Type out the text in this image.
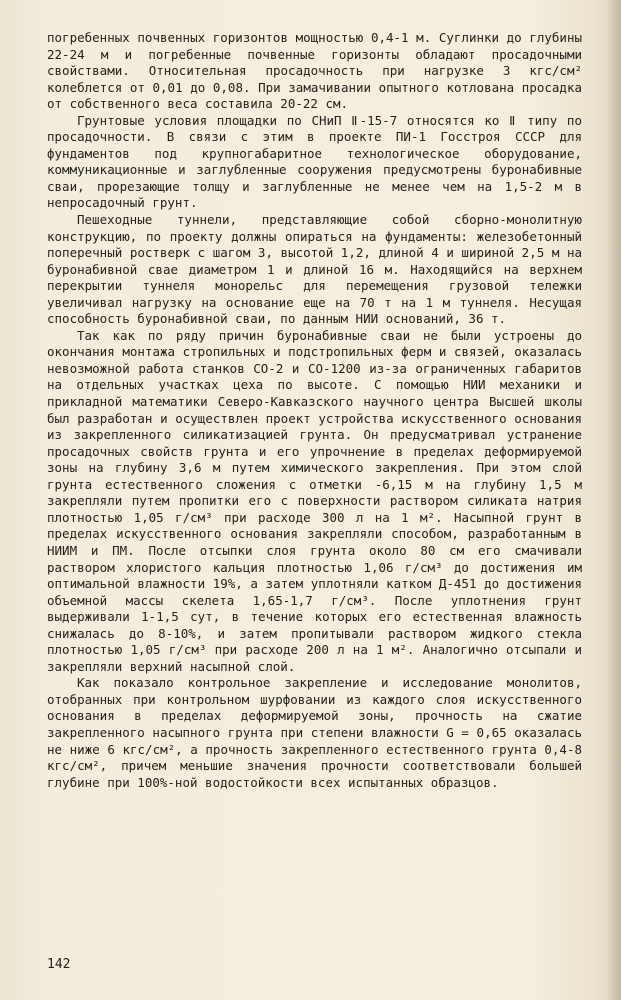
погребенных почвенных горизонтов мощностью 0,4-1 м. Суглинки до глубины 22-24 м и погребенные почвенные горизонты обладают просадочными свойствами. Относительная просадочность при нагрузке 3 кгс/см² колеблется от 0,01 до 0,08. При замачивании опытного котлована просадка от собственного веса составила 20-22 см.

Грунтовые условия площадки по СНиП Ⅱ-15-7 относятся ко Ⅱ типу по просадочности. В связи с этим в проекте ПИ-1 Госстроя СССР для фундаментов под крупногабаритное технологическое оборудование, коммуникационные и заглубленные сооружения предусмотрены буронабивные сваи, прорезающие толщу и заглубленные не менее чем на 1,5-2 м в непросадочный грунт.

Пешеходные туннели, представляющие собой сборно-монолитную конструкцию, по проекту должны опираться на фундаменты: железобетонный поперечный ростверк с шагом 3, высотой 1,2, длиной 4 и шириной 2,5 м на буронабивной свае диаметром 1 и длиной 16 м. Находящийся на верхнем перекрытии туннеля монорельс для перемещения грузовой тележки увеличивал нагрузку на основание еще на 70 т на 1 м туннеля. Несущая способность буронабивной сваи, по данным НИИ оснований, 36 т.

Так как по ряду причин буронабивные сваи не были устроены до окончания монтажа стропильных и подстропильных ферм и связей, оказалась невозможной работа станков СО-2 и СО-1200 из-за ограниченных габаритов на отдельных участках цеха по высоте. С помощью НИИ механики и прикладной математики Северо-Кавказского научного центра Высшей школы был разработан и осуществлен проект устройства искусственного основания из закрепленного силикатизацией грунта. Он предусматривал устранение просадочных свойств грунта и его упрочнение в пределах деформируемой зоны на глубину 3,6 м путем химического закрепления. При этом слой грунта естественного сложения с отметки -6,15 м на глубину 1,5 м закрепляли путем пропитки его с поверхности раствором силиката натрия плотностью 1,05 г/см³ при расходе 300 л на 1 м². Насыпной грунт в пределах искусственного основания закрепляли способом, разработанным в НИИМ и ПМ. После отсыпки слоя грунта около 80 см его смачивали раствором хлористого кальция плотностью 1,06 г/см³ до достижения им оптимальной влажности 19%, а затем уплотняли катком Д-451 до достижения объемной массы скелета 1,65-1,7 г/см³. После уплотнения грунт выдерживали 1-1,5 сут, в течение которых его естественная влажность снижалась до 8-10%, и затем пропитывали раствором жидкого стекла плотностью 1,05 г/см³ при расходе 200 л на 1 м². Аналогично отсыпали и закрепляли верхний насыпной слой.

Как показало контрольное закрепление и исследование монолитов, отобранных при контрольном шурфовании из каждого слоя искусственного основания в пределах деформируемой зоны, прочность на сжатие закрепленного насыпного грунта при степени влажности G = 0,65 оказалась не ниже 6 кгс/см², а прочность закрепленного естественного грунта 0,4-8 кгс/см², причем меньшие значения прочности соответствовали большей глубине при 100%-ной водостойкости всех испытанных образцов.

142
